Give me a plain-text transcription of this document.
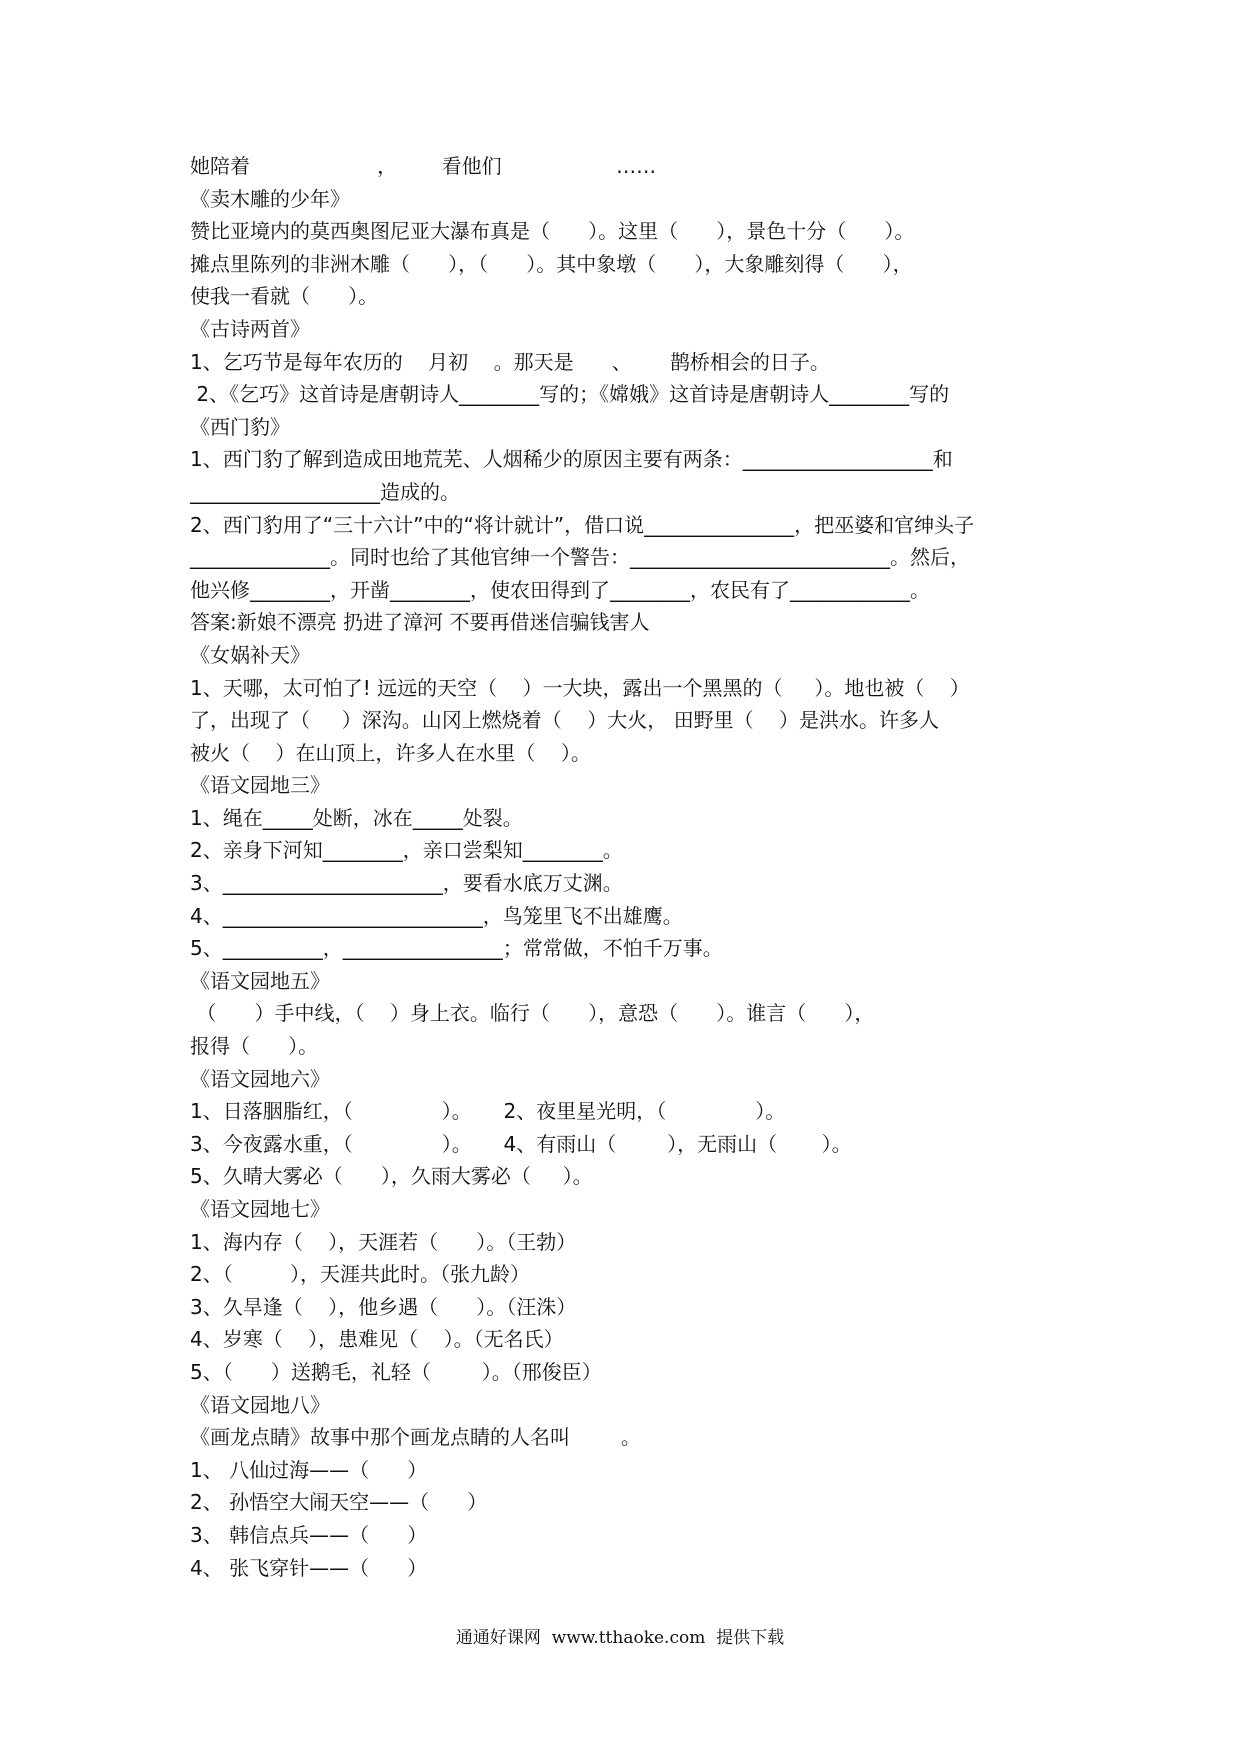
她陪着                    ，       看他们                  ……
《卖木雕的少年》
赞比亚境内的莫西奥图尼亚大瀑布真是（      ）。这里（      ），景色十分（      ）。
摊点里陈列的非洲木雕（      ），（      ）。其中象墩（      ），大象雕刻得（      ），
使我一看就（      ）。
《古诗两首》
1、乞巧节是每年农历的    月初    。那天是      、      鹊桥相会的日子。
2、《乞巧》这首诗是唐朝诗人________写的；《嫦娥》这首诗是唐朝诗人________写的
《西门豹》
1、西门豹了解到造成田地荒芜、人烟稀少的原因主要有两条：___________________和
___________________造成的。
2、西门豹用了“三十六计”中的“将计就计”，借口说_______________，把巫婆和官绅头子
______________。同时也给了其他官绅一个警告：__________________________。然后，
他兴修________，开凿________，使农田得到了________，农民有了____________。
答案:新娘不漂亮 扔进了漳河 不要再借迷信骗钱害人
《女娲补天》
1、天哪，太可怕了! 远远的天空（    ）一大块，露出一个黑黑的（     ）。地也被（    ）
了，出现了（     ）深沟。山冈上燃烧着（    ）大火， 田野里（    ）是洪水。许多人
被火（    ）在山顶上，许多人在水里（    ）。
《语文园地三》
1、绳在_____处断，冰在_____处裂。
2、亲身下河知________，亲口尝梨知________。
3、______________________，要看水底万丈渊。
4、__________________________，鸟笼里飞不出雄鹰。
5、__________，________________；常常做，不怕千万事。
《语文园地五》
（      ）手中线，（    ）身上衣。临行（      ），意恐（      ）。谁言（      ），
报得（      ）。
《语文园地六》
1、日落胭脂红，（              ）。     2、夜里星光明，（              ）。
3、今夜露水重，（              ）。     4、有雨山（        ），无雨山（       ）。
5、久晴大雾必（      ），久雨大雾必（     ）。
《语文园地七》
1、海内存（    ），天涯若（      ）。（王勃）
2、（         ），天涯共此时。（张九龄）
3、久旱逢（    ），他乡遇（      ）。（汪洙）
4、岁寒（    ），患难见（    ）。（无名氏）
5、（      ）送鹅毛，礼轻（        ）。（邢俊臣）
《语文园地八》
《画龙点睛》故事中那个画龙点睛的人名叫        。
1、 八仙过海——（      ）
2、 孙悟空大闹天空——（      ）
3、 韩信点兵——（      ）
4、 张飞穿针——（      ）
通通好课网  www.tthaoke.com  提供下载
